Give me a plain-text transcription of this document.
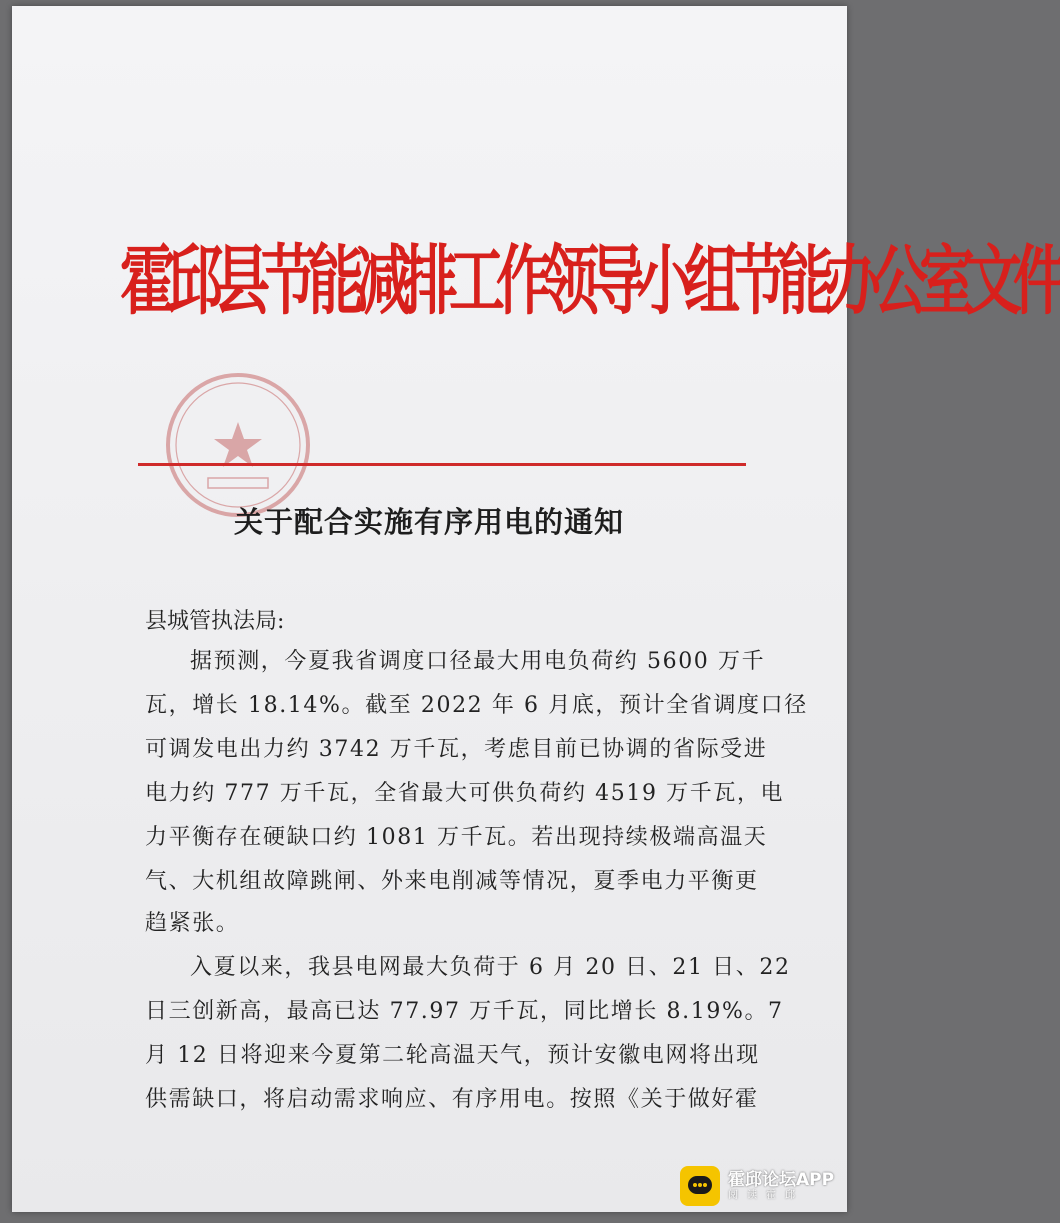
霍邱县节能减排工作领导小组节能办公室文件
关于配合实施有序用电的通知
县城管执法局:
据预测，今夏我省调度口径最大用电负荷约 5600 万千
瓦，增长 18.14%。截至 2022 年 6 月底，预计全省调度口径
可调发电出力约 3742 万千瓦，考虑目前已协调的省际受进
电力约 777 万千瓦，全省最大可供负荷约 4519 万千瓦，电
力平衡存在硬缺口约 1081 万千瓦。若出现持续极端高温天
气、大机组故障跳闸、外来电削减等情况，夏季电力平衡更
趋紧张。
入夏以来，我县电网最大负荷于 6 月 20 日、21 日、22
日三创新高，最高已达 77.97 万千瓦，同比增长 8.19%。7
月 12 日将迎来今夏第二轮高温天气，预计安徽电网将出现
供需缺口，将启动需求响应、有序用电。按照《关于做好霍
霍邱论坛APP
阅读霍邱
